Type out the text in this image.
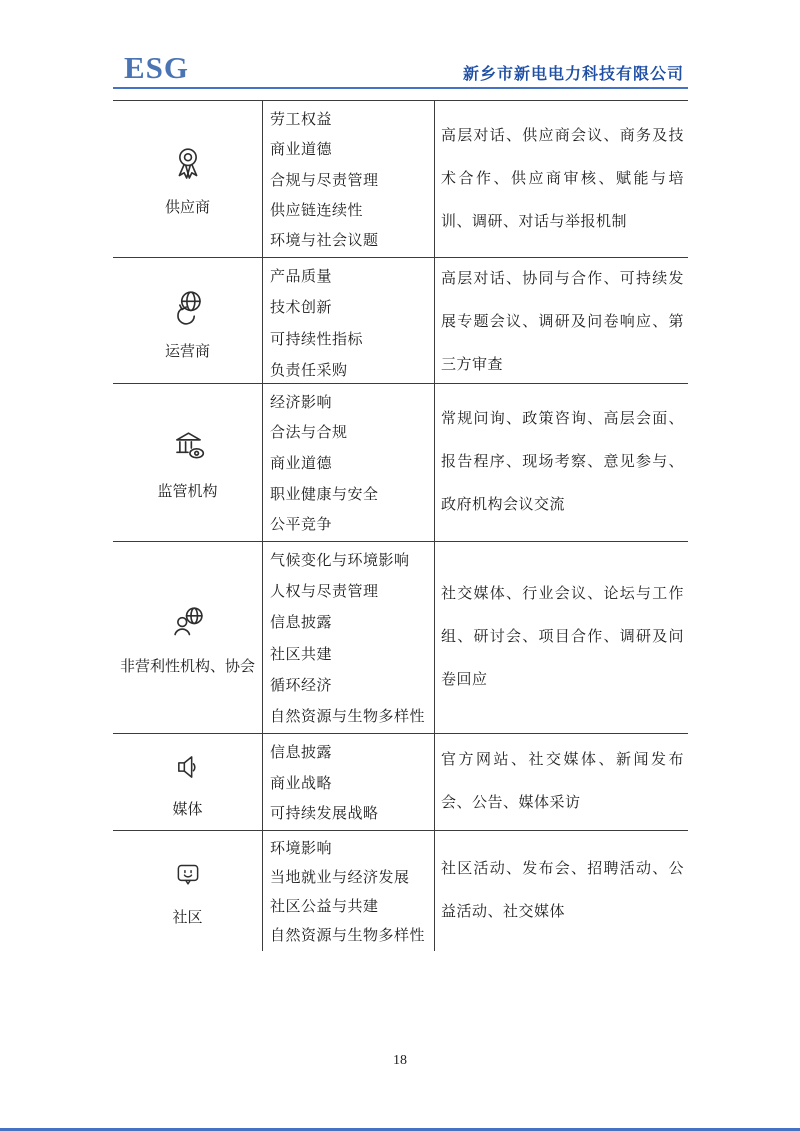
ESG	新乡市新电电力科技有限公司
供应商
劳工权益
商业道德
合规与尽责管理
供应链连续性
环境与社会议题
高层对话、供应商会议、商务及技术合作、供应商审核、赋能与培训、调研、对话与举报机制
运营商
产品质量
技术创新
可持续性指标
负责任采购
高层对话、协同与合作、可持续发展专题会议、调研及问卷响应、第三方审查
监管机构
经济影响
合法与合规
商业道德
职业健康与安全
公平竞争
常规问询、政策咨询、高层会面、报告程序、现场考察、意见参与、政府机构会议交流
非营利性机构、协会
气候变化与环境影响
人权与尽责管理
信息披露
社区共建
循环经济
自然资源与生物多样性
社交媒体、行业会议、论坛与工作组、研讨会、项目合作、调研及问卷回应
媒体
信息披露
商业战略
可持续发展战略
官方网站、社交媒体、新闻发布会、公告、媒体采访
社区
环境影响
当地就业与经济发展
社区公益与共建
自然资源与生物多样性
社区活动、发布会、招聘活动、公益活动、社交媒体
18
